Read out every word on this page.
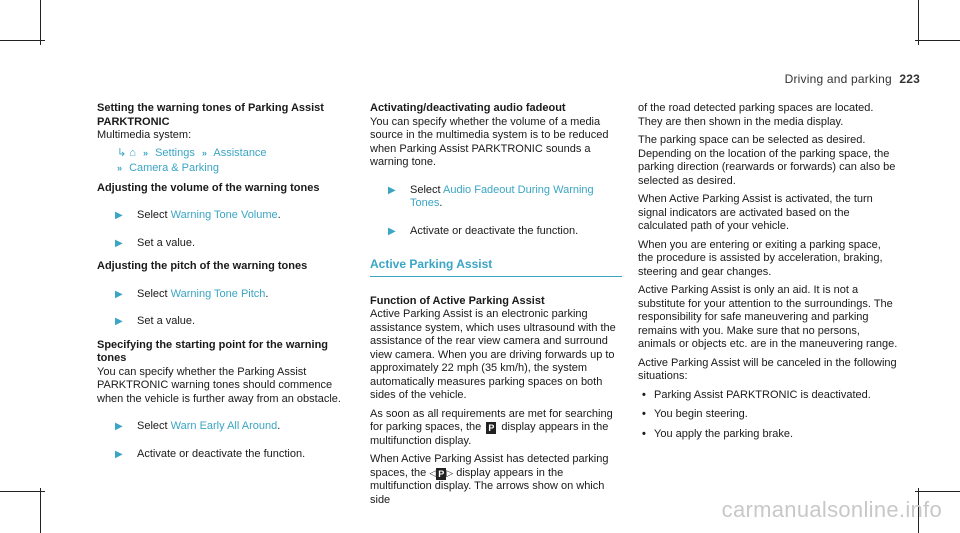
Driving and parking 223
Setting the warning tones of Parking Assist
PARKTRONIC

Multimedia system:

↳ ⌂ » Settings » Assistance
» Camera & Parking
Adjusting the volume of the warning tones
▶ Select Warning Tone Volume.
▶ Set a value.
Adjusting the pitch of the warning tones
▶ Select Warning Tone Pitch.
▶ Set a value.
Specifying the starting point for the warning tones

You can specify whether the Parking Assist PARKTRONIC warning tones should commence when the vehicle is further away from an obstacle.

▶ Select Warn Early All Around.
▶ Activate or deactivate the function.
Activating/deactivating audio fadeout

You can specify whether the volume of a media source in the multimedia system is to be reduced when Parking Assist PARKTRONIC sounds a warning tone.

▶ Select Audio Fadeout During Warning Tones.
▶ Activate or deactivate the function.
Active Parking Assist
Function of Active Parking Assist

Active Parking Assist is an electronic parking assistance system, which uses ultrasound with the assistance of the rear view camera and surround view camera. When you are driving forwards up to approximately 22 mph (35 km/h), the system automatically measures parking spaces on both sides of the vehicle.

As soon as all requirements are met for searching for parking spaces, the P display appears in the multifunction display.

When Active Parking Assist has detected parking spaces, the ◁ P ▷ display appears in the multifunction display. The arrows show on which side

of the road detected parking spaces are located. They are then shown in the media display.

The parking space can be selected as desired. Depending on the location of the parking space, the parking direction (rearwards or forwards) can also be selected as desired.

When Active Parking Assist is activated, the turn signal indicators are activated based on the calculated path of your vehicle.

When you are entering or exiting a parking space, the procedure is assisted by acceleration, braking, steering and gear changes.

Active Parking Assist is only an aid. It is not a substitute for your attention to the surroundings. The responsibility for safe maneuvering and parking remains with you. Make sure that no persons, animals or objects etc. are in the maneuvering range.

Active Parking Assist will be canceled in the following situations:

• Parking Assist PARKTRONIC is deactivated.
• You begin steering.
• You apply the parking brake.
carmanualsonline.info
